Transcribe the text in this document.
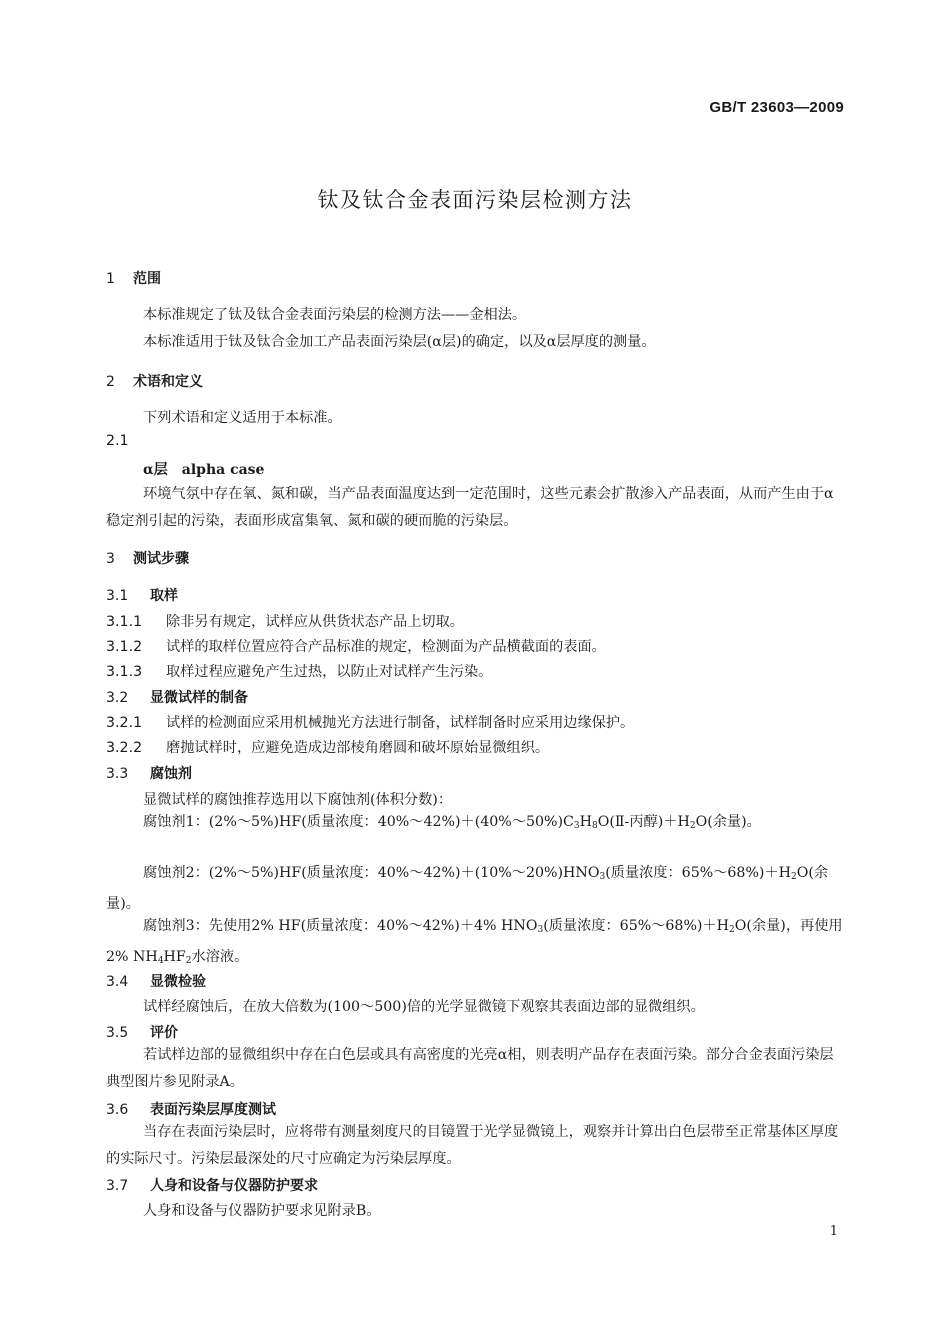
GB/T 23603—2009
钛及钛合金表面污染层检测方法
1 范围
本标准规定了钛及钛合金表面污染层的检测方法——金相法。
本标准适用于钛及钛合金加工产品表面污染层(α层)的确定，以及α层厚度的测量。
2 术语和定义
下列术语和定义适用于本标准。
2.1
α层　alpha case
环境气氛中存在氧、氮和碳，当产品表面温度达到一定范围时，这些元素会扩散渗入产品表面，从而产生由于α稳定剂引起的污染，表面形成富集氧、氮和碳的硬而脆的污染层。
3 测试步骤
3.1 取样
3.1.1 除非另有规定，试样应从供货状态产品上切取。
3.1.2 试样的取样位置应符合产品标准的规定，检测面为产品横截面的表面。
3.1.3 取样过程应避免产生过热，以防止对试样产生污染。
3.2 显微试样的制备
3.2.1 试样的检测面应采用机械抛光方法进行制备，试样制备时应采用边缘保护。
3.2.2 磨抛试样时，应避免造成边部棱角磨圆和破坏原始显微组织。
3.3 腐蚀剂
显微试样的腐蚀推荐选用以下腐蚀剂(体积分数)：
腐蚀剂1：(2%～5%)HF(质量浓度：$40\%\sim 42\%)+(40\%\sim 50\%)C_3H_8O(Ⅱ-$丙醇)$+H_2O$(余量)。
腐蚀剂2：(2%～5%)HF(质量浓度：$40\%\sim 42\%)+(10\%\sim 20\%)HNO_3$(质量浓度：$65\%\sim 68\%)+H_2O$(余量)。
腐蚀剂3：先使用2% HF(质量浓度：40%～42%)＋4% $HNO_3$(质量浓度：$65\%\sim 68\%)+H_2O$(余量)，再使用2% $NH_4HF_2$水溶液。
3.4 显微检验
试样经腐蚀后，在放大倍数为(100～500)倍的光学显微镜下观察其表面边部的显微组织。
3.5 评价
若试样边部的显微组织中存在白色层或具有高密度的光亮α相，则表明产品存在表面污染。部分合金表面污染层典型图片参见附录A。
3.6 表面污染层厚度测试
当存在表面污染层时，应将带有测量刻度尺的目镜置于光学显微镜上，观察并计算出白色层带至正常基体区厚度的实际尺寸。污染层最深处的尺寸应确定为污染层厚度。
3.7 人身和设备与仪器防护要求
人身和设备与仪器防护要求见附录B。
1
